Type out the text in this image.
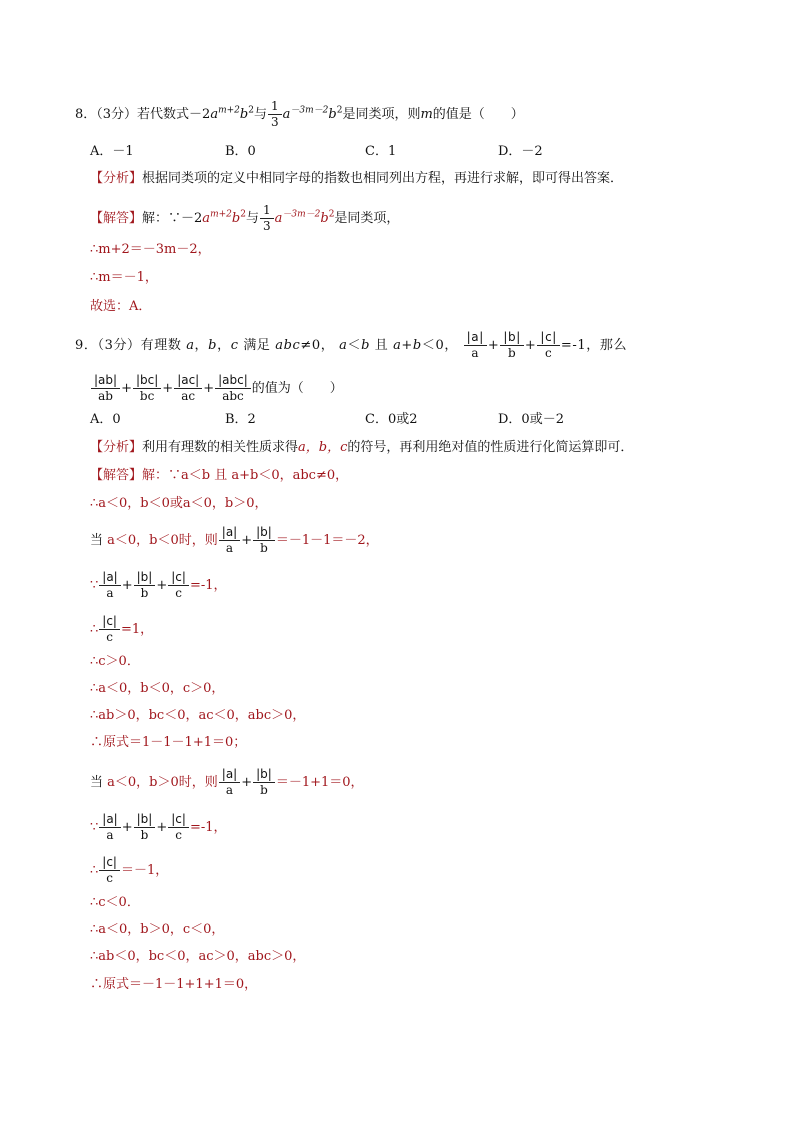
8．（3分）若代数式$-2a^{m+2}b^2$与 $\frac{1}{3} a^{-3m-2}b^2$是同类项，则m的值是（　　）
A．－1	B．0	C．1	D．－2
【分析】根据同类项的定义中相同字母的指数也相同列出方程，再进行求解，即可得出答案．
【解答】解：$\because-2a^{m+2}b^2$与 $\frac{1}{3} a^{-3m-2}b^2$是同类项，
∴m+2＝－3m－2，
∴m＝－1，
故选：A．
9．（3分）有理数 a，b，c 满足 abc≠0， a＜b 且 a+b＜0， $\frac{|a|}{a} + \frac{|b|}{b} + \frac{|c|}{c} =-1$，那么
$\frac{|ab|}{ab} + \frac{|bc|}{bc} + \frac{|ac|}{ac} + \frac{\text{|abc|}}{\text{abc}}$ 的值为（　　）
A．0	B．2	C．0或2	D．0或－2
【分析】利用有理数的相关性质求得a，b，c的符号，再利用绝对值的性质进行化简运算即可．
【解答】解：∵a＜b 且 a+b＜0，abc≠0，
∴a＜0，b＜0或a＜0，b＞0，
当 a＜0，b＜0时，则 $\frac{|a|}{a} + \frac{|b|}{b} =-1-1=-2$，
∵ $\frac{|a|}{a} + \frac{|b|}{b} + \frac{|c|}{c} =-1$，
∴ $\frac{|c|}{c} =1$，
∴c＞0．
∴a＜0，b＜0，c＞0，
∴ab＞0，bc＜0，ac＜0，abc＞0，
∴原式＝1－1－1+1＝0；
当 a＜0，b＞0时，则 $\frac{|a|}{a} + \frac{|b|}{b} =-1+1=0$，
∵ $\frac{|a|}{a} + \frac{|b|}{b} + \frac{|c|}{c} =-1$，
∴ $\frac{|c|}{c} =-1$，
∴c＜0．
∴a＜0，b＞0，c＜0，
∴ab＜0，bc＜0，ac＞0，abc＞0，
∴原式＝－1－1+1+1＝0，
